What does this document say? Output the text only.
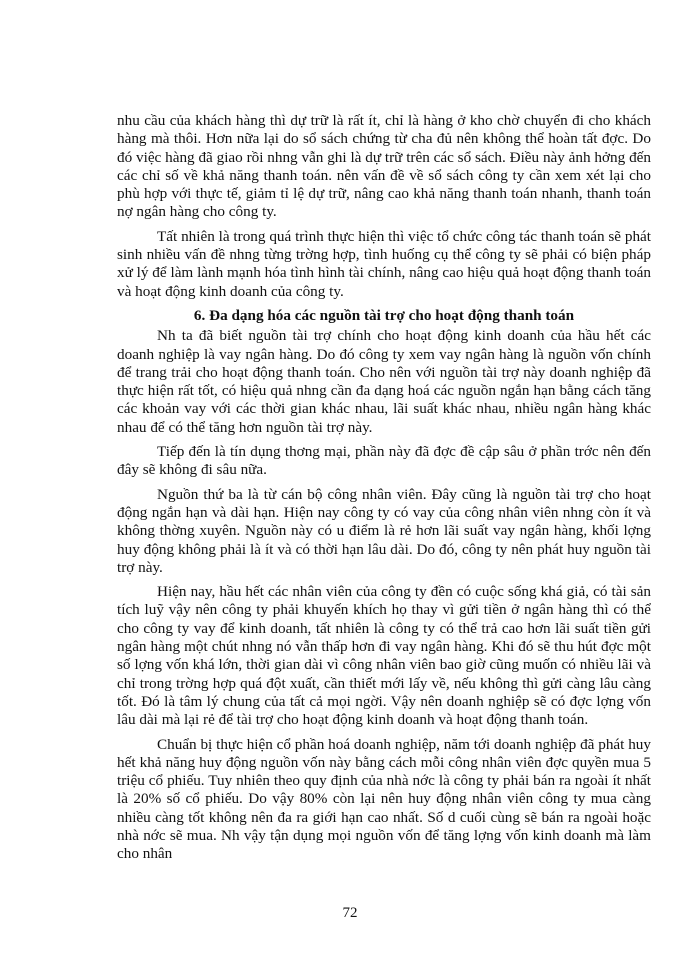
nhu cầu của khách hàng thì dự trữ là rất ít, chỉ là hàng ở kho chờ chuyển đi cho khách hàng mà thôi. Hơn nữa lại do sổ sách chứng từ cha đủ nên không thể hoàn tất đợc. Do đó việc hàng đã giao rồi nhng vẫn ghi là dự trữ trên các sổ sách. Điều này ảnh hởng đến các chỉ số về khả năng thanh toán. nên vấn đề về sổ sách công ty cần xem xét lại cho phù hợp với thực tế, giảm tỉ lệ dự trữ, nâng cao khả năng thanh toán nhanh, thanh toán nợ ngân hàng cho công ty.

Tất nhiên là trong quá trình thực hiện thì việc tổ chức công tác thanh toán sẽ phát sinh nhiều vấn đề nhng từng trờng hợp, tình huống cụ thể công ty sẽ phải có biện pháp xử lý để làm lành mạnh hóa tình hình tài chính, nâng cao hiệu quả hoạt động thanh toán và hoạt động kinh doanh của công ty.

6. Đa dạng hóa các nguồn tài trợ cho hoạt động thanh toán

Nh ta đã biết nguồn tài trợ chính cho hoạt động kinh doanh của hầu hết các doanh nghiệp là vay ngân hàng. Do đó công ty xem vay ngân hàng là nguồn vốn chính để trang trải cho hoạt động thanh toán. Cho nên với nguồn tài trợ này doanh nghiệp đã thực hiện rất tốt, có hiệu quả nhng cần đa dạng hoá các nguồn ngắn hạn bằng cách tăng các khoản vay với các thời gian khác nhau, lãi suất khác nhau, nhiều ngân hàng khác nhau để có thể tăng hơn nguồn tài trợ này.

Tiếp đến là tín dụng thơng mại, phần này đã đợc đề cập sâu ở phần trớc nên đến đây sẽ không đi sâu nữa.

Nguồn thứ ba là từ cán bộ công nhân viên. Đây cũng là nguồn tài trợ cho hoạt động ngắn hạn và dài hạn. Hiện nay công ty có vay của công nhân viên nhng còn ít và không thờng xuyên. Nguồn này có u điểm là rẻ hơn lãi suất vay ngân hàng, khối lợng huy động không phải là ít và có thời hạn lâu dài. Do đó, công ty nên phát huy nguồn tài trợ này.

Hiện nay, hầu hết các nhân viên của công ty đền có cuộc sống khá giả, có tài sản tích luỹ vậy nên công ty phải khuyến khích họ thay vì gửi tiền ở ngân hàng thì có thể cho công ty vay để kinh doanh, tất nhiên là công ty có thể trả cao hơn lãi suất tiền gửi ngân hàng một chút nhng nó vẫn thấp hơn đi vay ngân hàng. Khi đó sẽ thu hút đợc một số lợng vốn khá lớn, thời gian dài vì công nhân viên bao giờ cũng muốn có nhiều lãi và chỉ trong trờng hợp quá đột xuất, cần thiết mới lấy về, nếu không thì gửi càng lâu càng tốt. Đó là tâm lý chung của tất cả mọi ngời. Vậy nên doanh nghiệp sẽ có đợc lợng vốn lâu dài mà lại rẻ để tài trợ cho hoạt động kinh doanh và hoạt động thanh toán.

Chuẩn bị thực hiện cổ phần hoá doanh nghiệp, năm tới doanh nghiệp đã phát huy hết khả năng huy động nguồn vốn này bằng cách mỗi công nhân viên đợc quyền mua 5 triệu cổ phiếu. Tuy nhiên theo quy định của nhà nớc là công ty phải bán ra ngoài ít nhất là 20% số cổ phiếu. Do vậy 80% còn lại nên huy động nhân viên công ty mua càng nhiều càng tốt không nên đa ra giới hạn cao nhất. Số d cuối cùng sẽ bán ra ngoài hoặc nhà nớc sẽ mua. Nh vậy tận dụng mọi nguồn vốn để tăng lợng vốn kinh doanh mà làm cho nhân

72
